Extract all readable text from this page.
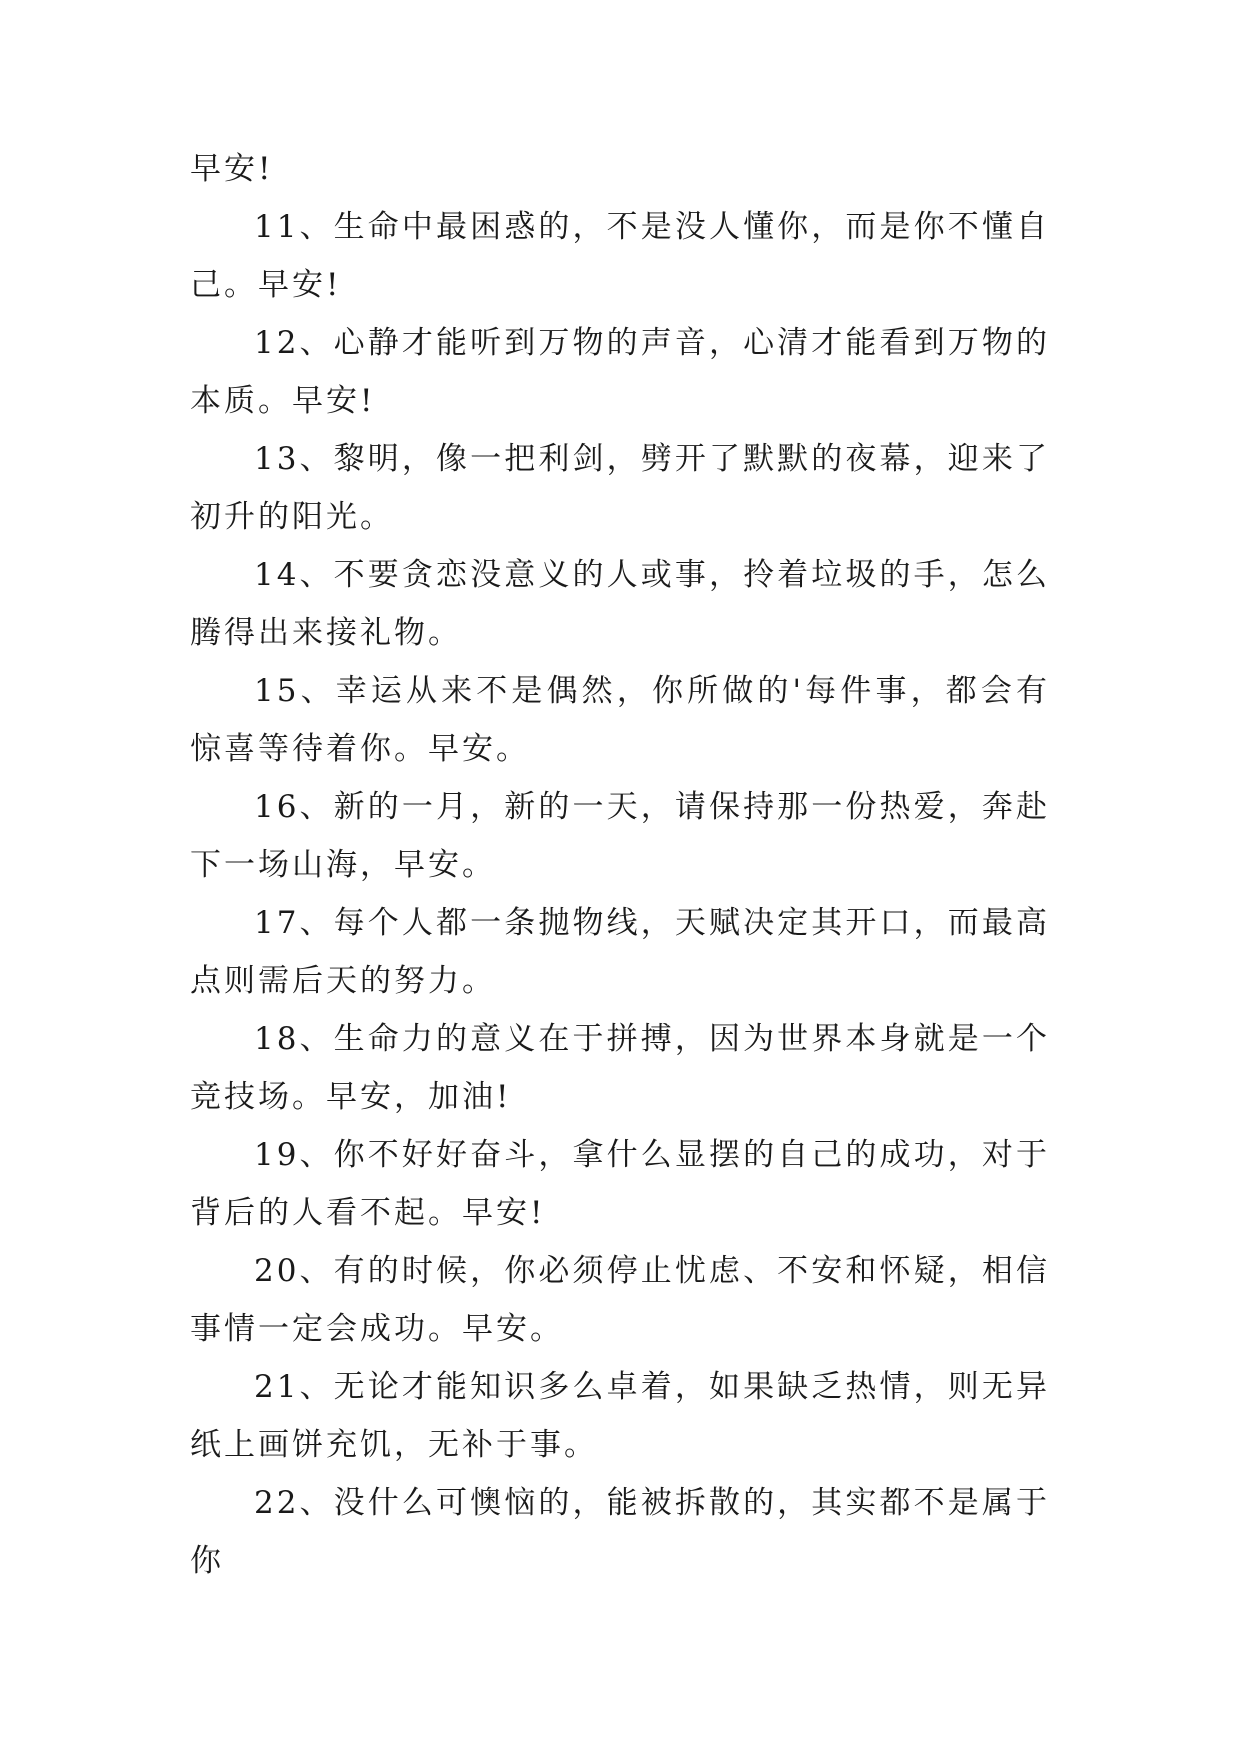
早安!

11、生命中最困惑的，不是没人懂你，而是你不懂自己。早安!

12、心静才能听到万物的声音，心清才能看到万物的本质。早安!

13、黎明，像一把利剑，劈开了默默的夜幕，迎来了初升的阳光。

14、不要贪恋没意义的人或事，拎着垃圾的手，怎么腾得出来接礼物。

15、幸运从来不是偶然，你所做的'每件事，都会有惊喜等待着你。早安。

16、新的一月，新的一天，请保持那一份热爱，奔赴下一场山海，早安。

17、每个人都一条抛物线，天赋决定其开口，而最高点则需后天的努力。

18、生命力的意义在于拼搏，因为世界本身就是一个竞技场。早安，加油!

19、你不好好奋斗，拿什么显摆的自己的成功，对于背后的人看不起。早安!

20、有的时候，你必须停止忧虑、不安和怀疑，相信事情一定会成功。早安。

21、无论才能知识多么卓着，如果缺乏热情，则无异纸上画饼充饥，无补于事。

22、没什么可懊恼的，能被拆散的，其实都不是属于你
